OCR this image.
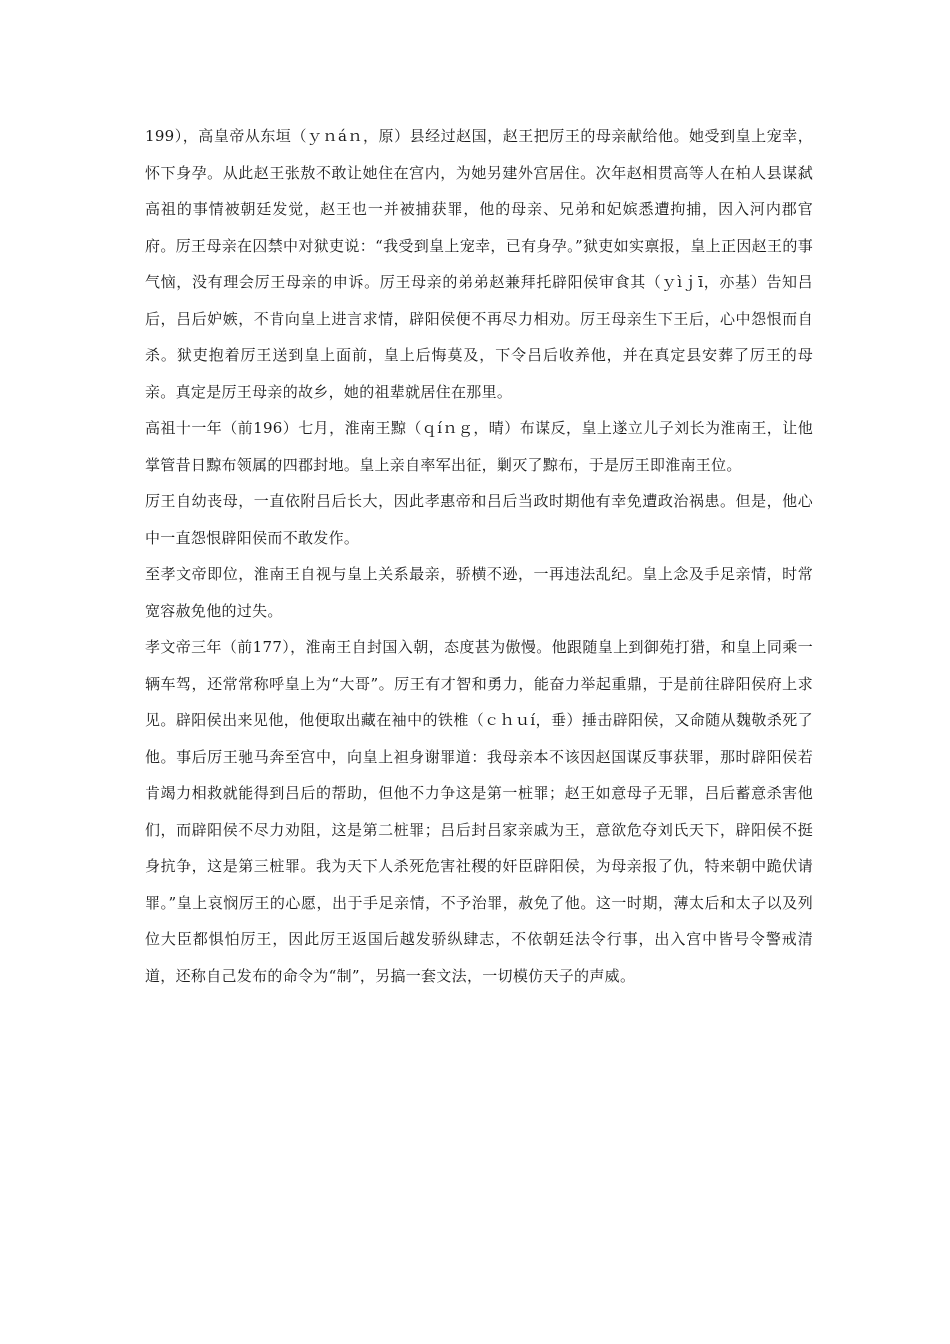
199），高皇帝从东垣（ｙｎáｎ，原）县经过赵国，赵王把厉王的母亲献给他。她受到皇上宠幸，怀下身孕。从此赵王张敖不敢让她住在宫内，为她另建外宫居住。次年赵相贯高等人在柏人县谋弑高祖的事情被朝廷发觉，赵王也一并被捕获罪，他的母亲、兄弟和妃嫔悉遭拘捕，因入河内郡官府。厉王母亲在囚禁中对狱吏说：“我受到皇上宠幸，已有身孕。”狱吏如实禀报，皇上正因赵王的事气恼，没有理会厉王母亲的申诉。厉王母亲的弟弟赵兼拜托辟阳侯审食其（ｙìｊī，亦基）告知吕后，吕后妒嫉，不肯向皇上进言求情，辟阳侯便不再尽力相劝。厉王母亲生下王后，心中怨恨而自杀。狱吏抱着厉王送到皇上面前，皇上后悔莫及，下令吕后收养他，并在真定县安葬了厉王的母亲。真定是厉王母亲的故乡，她的祖辈就居住在那里。

高祖十一年（前196）七月，淮南王黥（ｑíｎｇ，晴）布谋反，皇上遂立儿子刘长为淮南王，让他掌管昔日黥布领属的四郡封地。皇上亲自率军出征，剿灭了黥布，于是厉王即淮南王位。

厉王自幼丧母，一直依附吕后长大，因此孝惠帝和吕后当政时期他有幸免遭政治祸患。但是，他心中一直怨恨辟阳侯而不敢发作。

至孝文帝即位，淮南王自视与皇上关系最亲，骄横不逊，一再违法乱纪。皇上念及手足亲情，时常宽容赦免他的过失。

孝文帝三年（前177），淮南王自封国入朝，态度甚为傲慢。他跟随皇上到御苑打猎，和皇上同乘一辆车驾，还常常称呼皇上为“大哥”。厉王有才智和勇力，能奋力举起重鼎，于是前往辟阳侯府上求见。辟阳侯出来见他，他便取出藏在袖中的铁椎（ｃｈｕí，垂）捶击辟阳侯，又命随从魏敬杀死了他。事后厉王驰马奔至宫中，向皇上袒身谢罪道：我母亲本不该因赵国谋反事获罪，那时辟阳侯若肯竭力相救就能得到吕后的帮助，但他不力争这是第一桩罪；赵王如意母子无罪，吕后蓄意杀害他们，而辟阳侯不尽力劝阻，这是第二桩罪；吕后封吕家亲戚为王，意欲危夺刘氏天下，辟阳侯不挺身抗争，这是第三桩罪。我为天下人杀死危害社稷的奸臣辟阳侯，为母亲报了仇，特来朝中跪伏请罪。”皇上哀悯厉王的心愿，出于手足亲情，不予治罪，赦免了他。这一时期，薄太后和太子以及列位大臣都惧怕厉王，因此厉王返国后越发骄纵肆志，不依朝廷法令行事，出入宫中皆号令警戒清道，还称自己发布的命令为“制”，另搞一套文法，一切模仿天子的声威。
